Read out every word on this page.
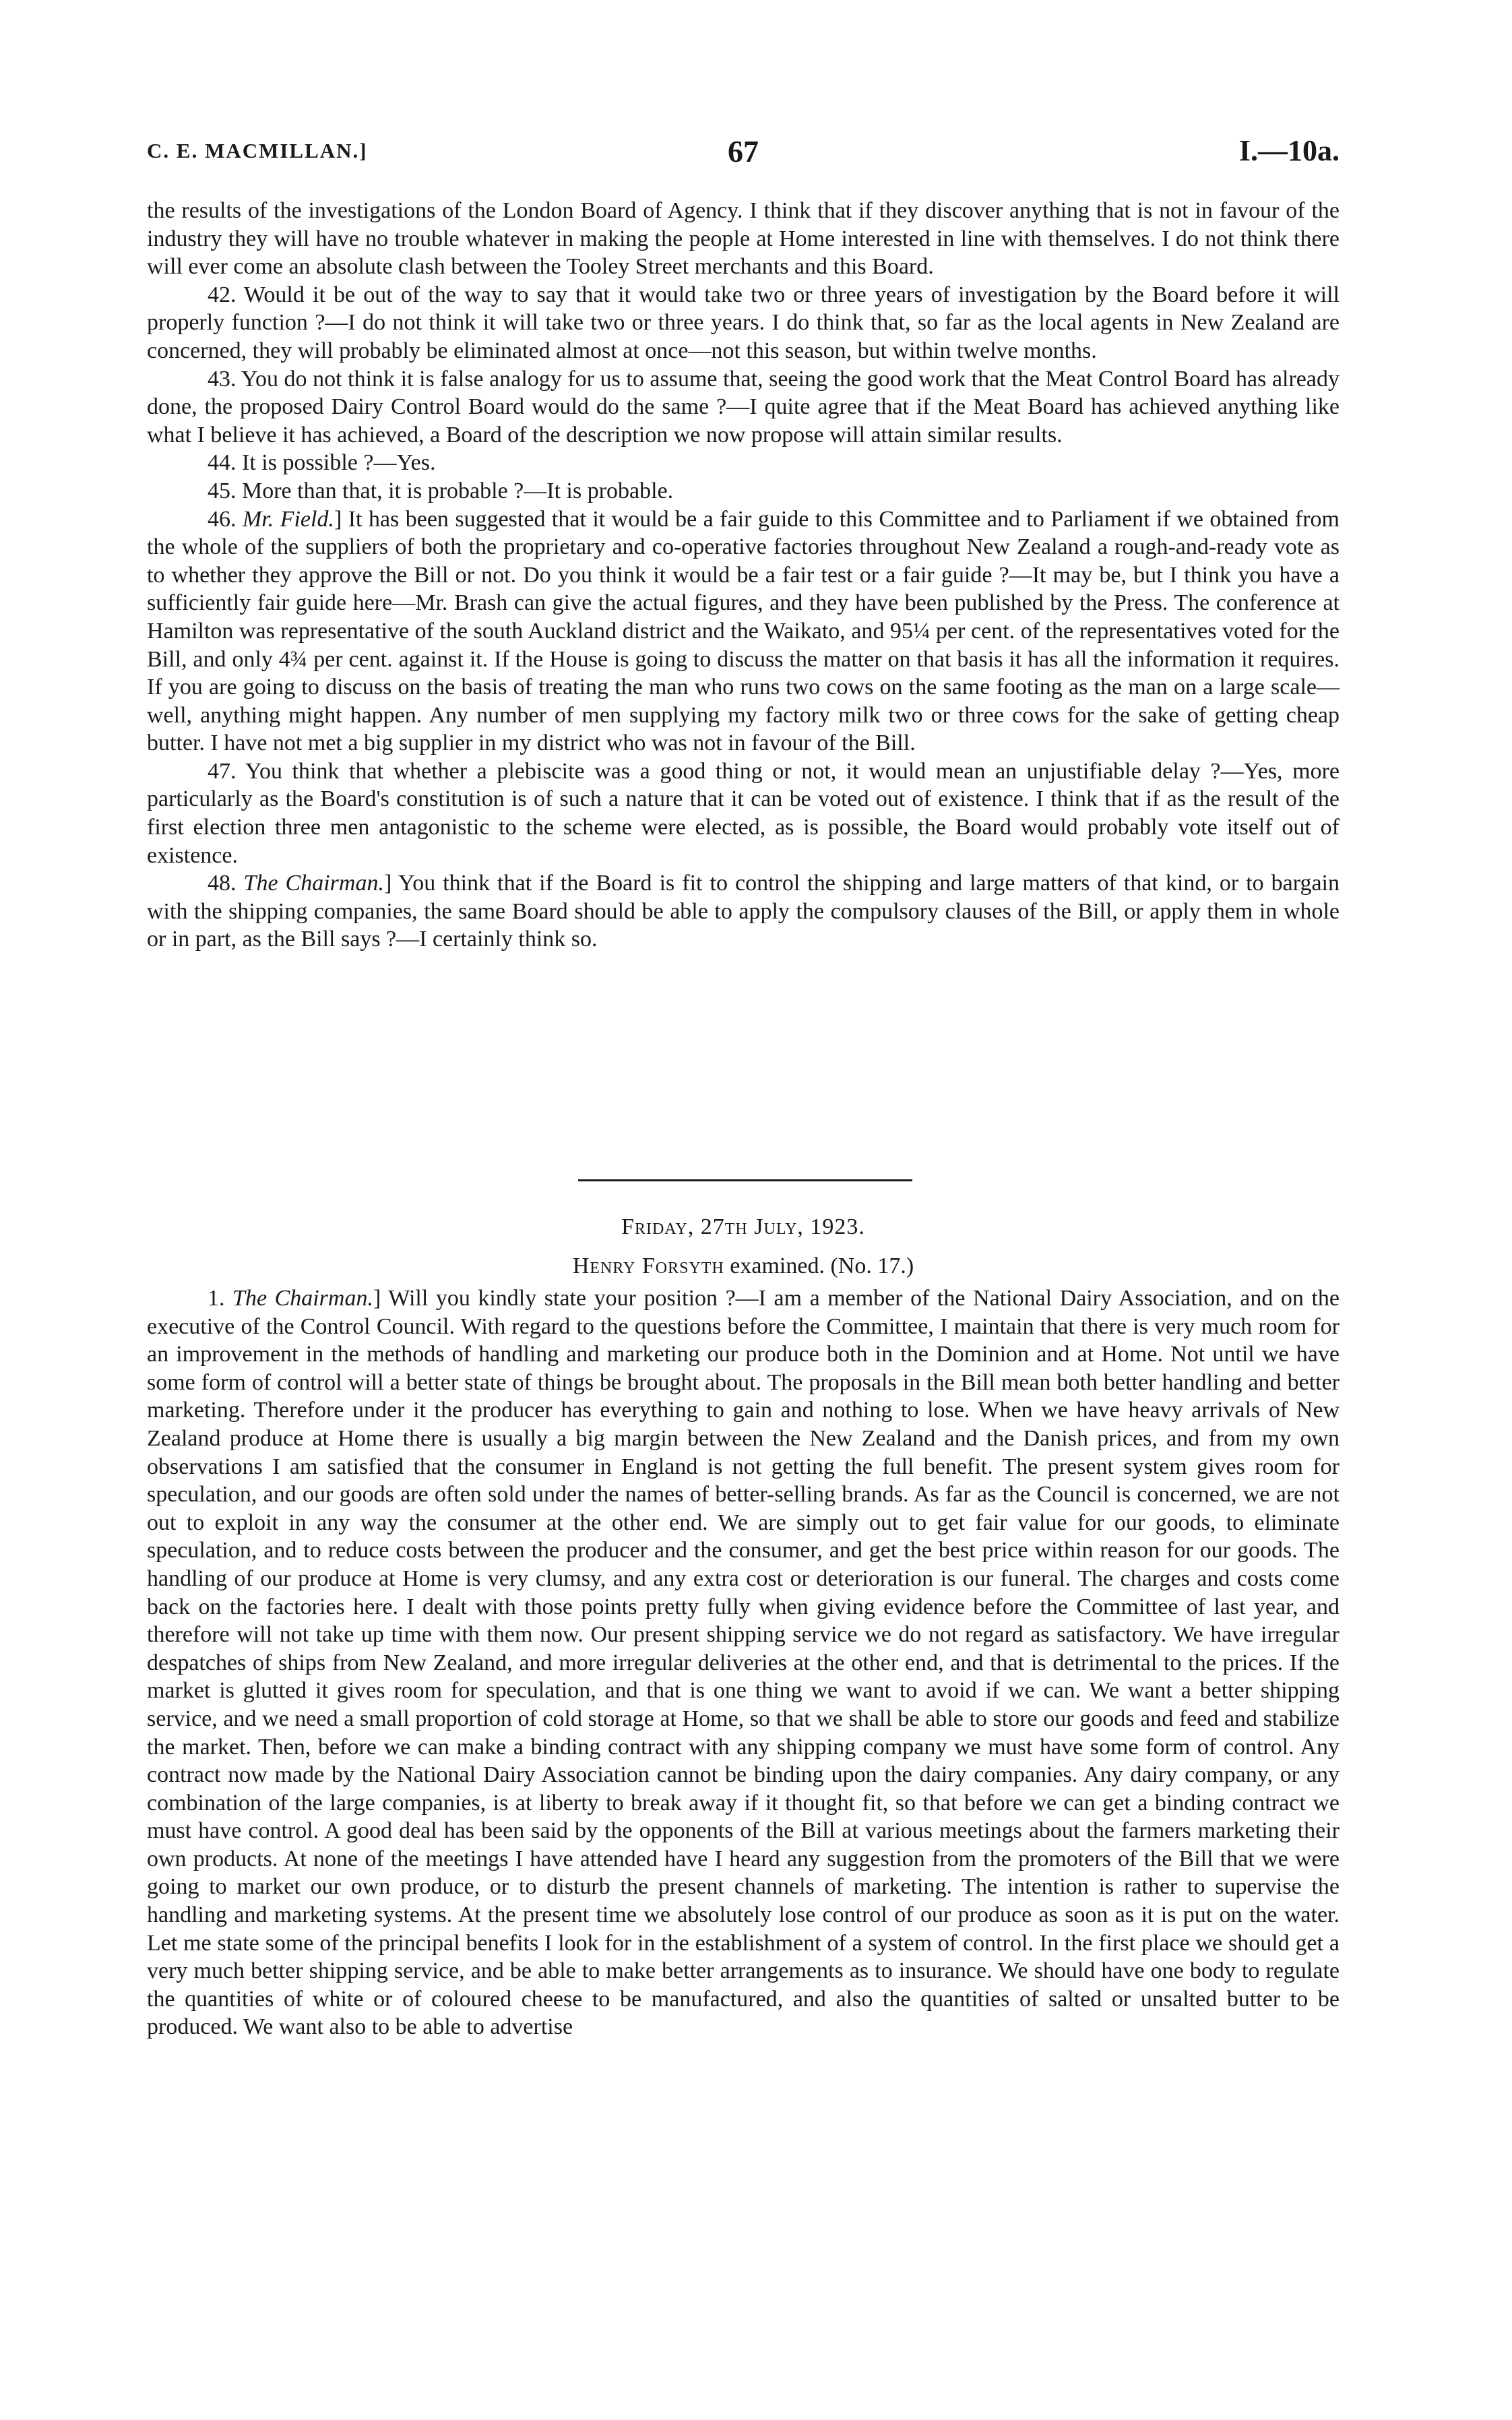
C. E. MACMILLAN.]	67	I.—10a.

the results of the investigations of the London Board of Agency. I think that if they discover anything that is not in favour of the industry they will have no trouble whatever in making the people at Home interested in line with themselves. I do not think there will ever come an absolute clash between the Tooley Street merchants and this Board.

42. Would it be out of the way to say that it would take two or three years of investigation by the Board before it will properly function ?—I do not think it will take two or three years. I do think that, so far as the local agents in New Zealand are concerned, they will probably be eliminated almost at once—not this season, but within twelve months.

43. You do not think it is false analogy for us to assume that, seeing the good work that the Meat Control Board has already done, the proposed Dairy Control Board would do the same ?—I quite agree that if the Meat Board has achieved anything like what I believe it has achieved, a Board of the description we now propose will attain similar results.

44. It is possible ?—Yes.

45. More than that, it is probable ?—It is probable.

46. Mr. Field.] It has been suggested that it would be a fair guide to this Committee and to Parliament if we obtained from the whole of the suppliers of both the proprietary and co-operative factories throughout New Zealand a rough-and-ready vote as to whether they approve the Bill or not. Do you think it would be a fair test or a fair guide ?—It may be, but I think you have a sufficiently fair guide here—Mr. Brash can give the actual figures, and they have been published by the Press. The conference at Hamilton was representative of the south Auckland district and the Waikato, and 95¼ per cent. of the representatives voted for the Bill, and only 4¾ per cent. against it. If the House is going to discuss the matter on that basis it has all the information it requires. If you are going to discuss on the basis of treating the man who runs two cows on the same footing as the man on a large scale—well, anything might happen. Any number of men supplying my factory milk two or three cows for the sake of getting cheap butter. I have not met a big supplier in my district who was not in favour of the Bill.

47. You think that whether a plebiscite was a good thing or not, it would mean an unjustifiable delay ?—Yes, more particularly as the Board's constitution is of such a nature that it can be voted out of existence. I think that if as the result of the first election three men antagonistic to the scheme were elected, as is possible, the Board would probably vote itself out of existence.

48. The Chairman.] You think that if the Board is fit to control the shipping and large matters of that kind, or to bargain with the shipping companies, the same Board should be able to apply the compulsory clauses of the Bill, or apply them in whole or in part, as the Bill says ?—I certainly think so.

Friday, 27th July, 1923.
Henry Forsyth examined. (No. 17.)

1. The Chairman.] Will you kindly state your position ?—I am a member of the National Dairy Association, and on the executive of the Control Council. With regard to the questions before the Committee, I maintain that there is very much room for an improvement in the methods of handling and marketing our produce both in the Dominion and at Home. Not until we have some form of control will a better state of things be brought about. The proposals in the Bill mean both better handling and better marketing. Therefore under it the producer has everything to gain and nothing to lose. When we have heavy arrivals of New Zealand produce at Home there is usually a big margin between the New Zealand and the Danish prices, and from my own observations I am satisfied that the consumer in England is not getting the full benefit. The present system gives room for speculation, and our goods are often sold under the names of better-selling brands. As far as the Council is concerned, we are not out to exploit in any way the consumer at the other end. We are simply out to get fair value for our goods, to eliminate speculation, and to reduce costs between the producer and the consumer, and get the best price within reason for our goods. The handling of our produce at Home is very clumsy, and any extra cost or deterioration is our funeral. The charges and costs come back on the factories here. I dealt with those points pretty fully when giving evidence before the Committee of last year, and therefore will not take up time with them now. Our present shipping service we do not regard as satisfactory. We have irregular despatches of ships from New Zealand, and more irregular deliveries at the other end, and that is detrimental to the prices. If the market is glutted it gives room for speculation, and that is one thing we want to avoid if we can. We want a better shipping service, and we need a small proportion of cold storage at Home, so that we shall be able to store our goods and feed and stabilize the market. Then, before we can make a binding contract with any shipping company we must have some form of control. Any contract now made by the National Dairy Association cannot be binding upon the dairy companies. Any dairy company, or any combination of the large companies, is at liberty to break away if it thought fit, so that before we can get a binding contract we must have control. A good deal has been said by the opponents of the Bill at various meetings about the farmers marketing their own products. At none of the meetings I have attended have I heard any suggestion from the promoters of the Bill that we were going to market our own produce, or to disturb the present channels of marketing. The intention is rather to supervise the handling and marketing systems. At the present time we absolutely lose control of our produce as soon as it is put on the water. Let me state some of the principal benefits I look for in the establishment of a system of control. In the first place we should get a very much better shipping service, and be able to make better arrangements as to insurance. We should have one body to regulate the quantities of white or of coloured cheese to be manufactured, and also the quantities of salted or unsalted butter to be produced. We want also to be able to advertise
